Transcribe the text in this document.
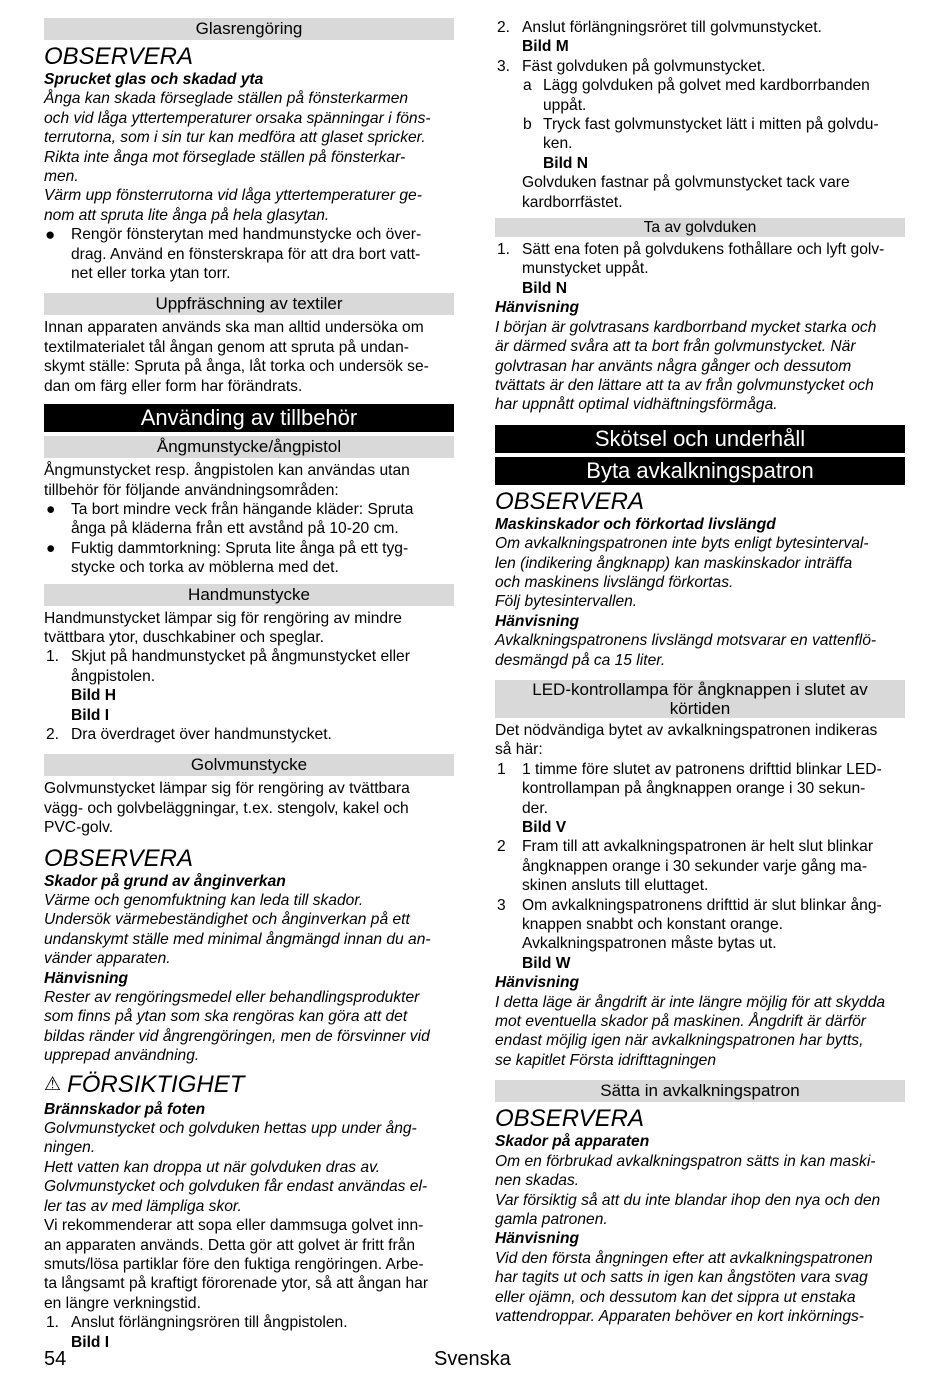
Glasrengöring
OBSERVERA

Sprucket glas och skadad yta

Ånga kan skada förseglade ställen på fönsterkarmen

och vid låga yttertemperaturer orsaka spänningar i föns-

terrutorna, som i sin tur kan medföra att glaset spricker.

Rikta inte ånga mot förseglade ställen på fönsterkar-

men.

Värm upp fönsterrutorna vid låga yttertemperaturer ge-

nom att spruta lite ånga på hela glasytan.

● Rengör fönsterytan med handmunstycke och över-

drag. Använd en fönsterskrapa för att dra bort vatt-

net eller torka ytan torr.

Uppfräschning av textiler

Innan apparaten används ska man alltid undersöka om

textilmaterialet tål ångan genom att spruta på undan-

skymt ställe: Spruta på ånga, låt torka och undersök se-

dan om färg eller form har förändrats.

Använding av tillbehör
Ångmunstycke/ångpistol

Ångmunstycket resp. ångpistolen kan användas utan

tillbehör för följande användningsområden:

● Ta bort mindre veck från hängande kläder: Spruta

ånga på kläderna från ett avstånd på 10-20 cm.

● Fuktig dammtorkning: Spruta lite ånga på ett tyg-

stycke och torka av möblerna med det.

Handmunstycke

Handmunstycket lämpar sig för rengöring av mindre

tvättbara ytor, duschkabiner och speglar.

1. Skjut på handmunstycket på ångmunstycket eller

ångpistolen.

Bild H

Bild I

2. Dra överdraget över handmunstycket.

Golvmunstycke

Golvmunstycket lämpar sig för rengöring av tvättbara

vägg- och golvbeläggningar, t.ex. stengolv, kakel och

PVC-golv.

OBSERVERA

Skador på grund av ånginverkan

Värme och genomfuktning kan leda till skador.

Undersök värmebeständighet och ånginverkan på ett

undanskymt ställe med minimal ångmängd innan du an-

vänder apparaten.

Hänvisning

Rester av rengöringsmedel eller behandlingsprodukter

som finns på ytan som ska rengöras kan göra att det

bildas ränder vid ångrengöringen, men de försvinner vid

upprepad användning.

⚠ FÖRSIKTIGHET

Brännskador på foten

Golvmunstycket och golvduken hettas upp under ång-

ningen.

Hett vatten kan droppa ut när golvduken dras av.

Golvmunstycket och golvduken får endast användas el-

ler tas av med lämpliga skor.

Vi rekommenderar att sopa eller dammsuga golvet inn-

an apparaten används. Detta gör att golvet är fritt från

smuts/lösa partiklar före den fuktiga rengöringen. Arbe-

ta långsamt på kraftigt förorenade ytor, så att ångan har

en längre verkningstid.

1. Anslut förlängningsrören till ångpistolen.

Bild I

2. Anslut förlängningsröret till golvmunstycket.

Bild M

3. Fäst golvduken på golvmunstycket.

a Lägg golvduken på golvet med kardborrbanden

uppåt.

b Tryck fast golvmunstycket lätt i mitten på golvdu-

ken.

Bild N

Golvduken fastnar på golvmunstycket tack vare

kardborrfästet.

Ta av golvduken
1. Sätt ena foten på golvdukens fothållare och lyft golv-

munstycket uppåt.

Bild N

Hänvisning

I början är golvtrasans kardborrband mycket starka och

är därmed svåra att ta bort från golvmunstycket. När

golvtrasan har använts några gånger och dessutom

tvättats är den lättare att ta av från golvmunstycket och

har uppnått optimal vidhäftningsförmåga.

Skötsel och underhåll
Byta avkalkningspatron
OBSERVERA

Maskinskador och förkortad livslängd

Om avkalkningspatronen inte byts enligt bytesinterval-

len (indikering ångknapp) kan maskinskador inträffa

och maskinens livslängd förkortas.

Följ bytesintervallen.

Hänvisning

Avkalkningspatronens livslängd motsvarar en vattenflö-

desmängd på ca 15 liter.

LED-kontrollampa för ångknappen i slutet av
körtiden

Det nödvändiga bytet av avkalkningspatronen indikeras

så här:

1 1 timme före slutet av patronens drifttid blinkar LED-

kontrollampan på ångknappen orange i 30 sekun-

der.

Bild V

2 Fram till att avkalkningspatronen är helt slut blinkar

ångknappen orange i 30 sekunder varje gång ma-

skinen ansluts till eluttaget.

3 Om avkalkningspatronens drifttid är slut blinkar ång-

knappen snabbt och konstant orange.

Avkalkningspatronen måste bytas ut.

Bild W

Hänvisning

I detta läge är ångdrift är inte längre möjlig för att skydda

mot eventuella skador på maskinen. Ångdrift är därför

endast möjlig igen när avkalkningspatronen har bytts,

se kapitlet Första idrifttagningen

Sätta in avkalkningspatron
OBSERVERA

Skador på apparaten

Om en förbrukad avkalkningspatron sätts in kan maski-

nen skadas.

Var försiktig så att du inte blandar ihop den nya och den

gamla patronen.

Hänvisning

Vid den första ångningen efter att avkalkningspatronen

har tagits ut och satts in igen kan ångstöten vara svag

eller ojämn, och dessutom kan det sippra ut enstaka

vattendroppar. Apparaten behöver en kort inkörnings-

54	Svenska
